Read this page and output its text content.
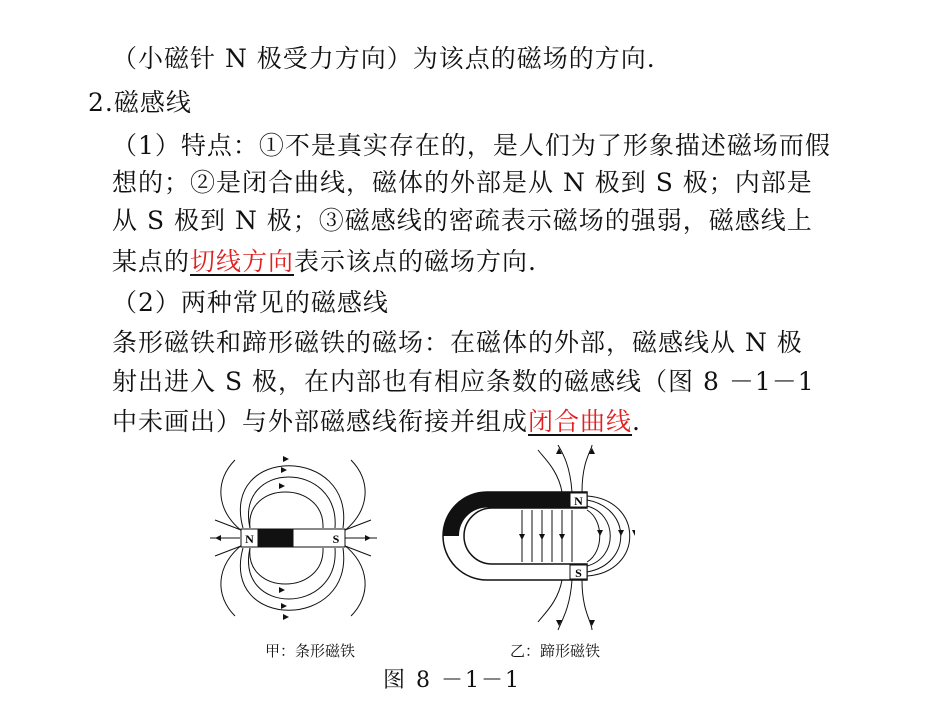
（小磁针 N 极受力方向）为该点的磁场的方向.
2.磁感线
（1）特点：①不是真实存在的，是人们为了形象描述磁场而假
想的；②是闭合曲线，磁体的外部是从 N 极到 S 极；内部是
从 S 极到 N 极；③磁感线的密疏表示磁场的强弱，磁感线上
某点的切线方向表示该点的磁场方向.
（2）两种常见的磁感线
条形磁铁和蹄形磁铁的磁场：在磁体的外部，磁感线从 N 极
射出进入 S 极，在内部也有相应条数的磁感线（图 8 －1－1
中未画出）与外部磁感线衔接并组成闭合曲线.
N	S
N
S
甲：条形磁铁	乙：蹄形磁铁
图 8 －1－1
